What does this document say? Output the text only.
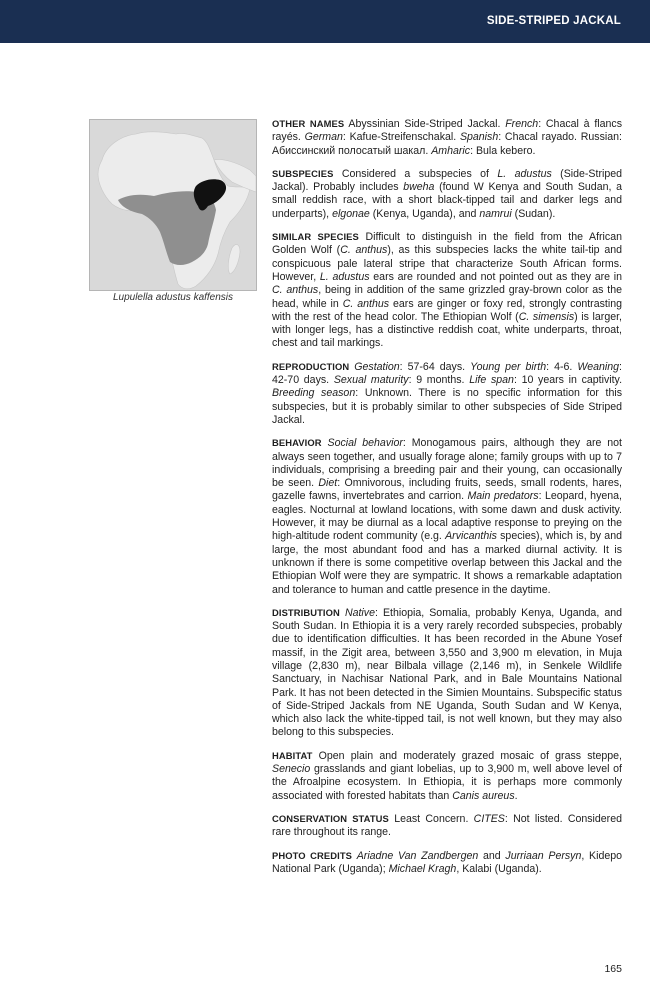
SIDE-STRIPED JACKAL
Lupulella adustus kaffensis

OTHER NAMES Abyssinian Side-Striped Jackal. French: Chacal à flancs rayés. German: Kafue-Streifenschakal. Spanish: Chacal rayado. Russian: Абиссинский полосатый шакал. Amharic: Bula kebero.

SUBSPECIES Considered a subspecies of L. adustus (Side-Striped Jackal). Probably includes bweha (found W Kenya and South Sudan, a small reddish race, with a short black-tipped tail and darker legs and underparts), elgonae (Kenya, Uganda), and namrui (Sudan).

SIMILAR SPECIES Difficult to distinguish in the field from the African Golden Wolf (C. anthus), as this subspecies lacks the white tail-tip and conspicuous pale lateral stripe that characterize South African forms. However, L. adustus ears are rounded and not pointed out as they are in C. anthus, being in addition of the same grizzled gray-brown color as the head, while in C. anthus ears are ginger or foxy red, strongly contrasting with the rest of the head color. The Ethiopian Wolf (C. simensis) is larger, with longer legs, has a distinctive reddish coat, white underparts, throat, chest and tail markings.

REPRODUCTION Gestation: 57-64 days. Young per birth: 4-6. Weaning: 42-70 days. Sexual maturity: 9 months. Life span: 10 years in captivity. Breeding season: Unknown. There is no specific information for this subspecies, but it is probably similar to other subspecies of Side Striped Jackal.

BEHAVIOR Social behavior: Monogamous pairs, although they are not always seen together, and usually forage alone; family groups with up to 7 individuals, comprising a breeding pair and their young, can occasionally be seen. Diet: Omnivorous, including fruits, seeds, small rodents, hares, gazelle fawns, invertebrates and carrion. Main predators: Leopard, hyena, eagles. Nocturnal at lowland locations, with some dawn and dusk activity. However, it may be diurnal as a local adaptive response to preying on the high-altitude rodent community (e.g. Arvicanthis species), which is, by and large, the most abundant food and has a marked diurnal activity. It is unknown if there is some competitive overlap between this Jackal and the Ethiopian Wolf were they are sympatric. It shows a remarkable adaptation and tolerance to human and cattle presence in the daytime.

DISTRIBUTION Native: Ethiopia, Somalia, probably Kenya, Uganda, and South Sudan. In Ethiopia it is a very rarely recorded subspecies, probably due to identification difficulties. It has been recorded in the Abune Yosef massif, in the Zigit area, between 3,550 and 3,900 m elevation, in Muja village (2,830 m), near Bilbala village (2,146 m), in Senkele Wildlife Sanctuary, in Nachisar National Park, and in Bale Mountains National Park. It has not been detected in the Simien Mountains. Subspecific status of Side-Striped Jackals from NE Uganda, South Sudan and W Kenya, which also lack the white-tipped tail, is not well known, but they may also belong to this subspecies.

HABITAT Open plain and moderately grazed mosaic of grass steppe, Senecio grasslands and giant lobelias, up to 3,900 m, well above level of the Afroalpine ecosystem. In Ethiopia, it is perhaps more commonly associated with forested habitats than Canis aureus.

CONSERVATION STATUS Least Concern. CITES: Not listed. Considered rare throughout its range.

PHOTO CREDITS Ariadne Van Zandbergen and Jurriaan Persyn, Kidepo National Park (Uganda); Michael Kragh, Kalabi (Uganda).

165
